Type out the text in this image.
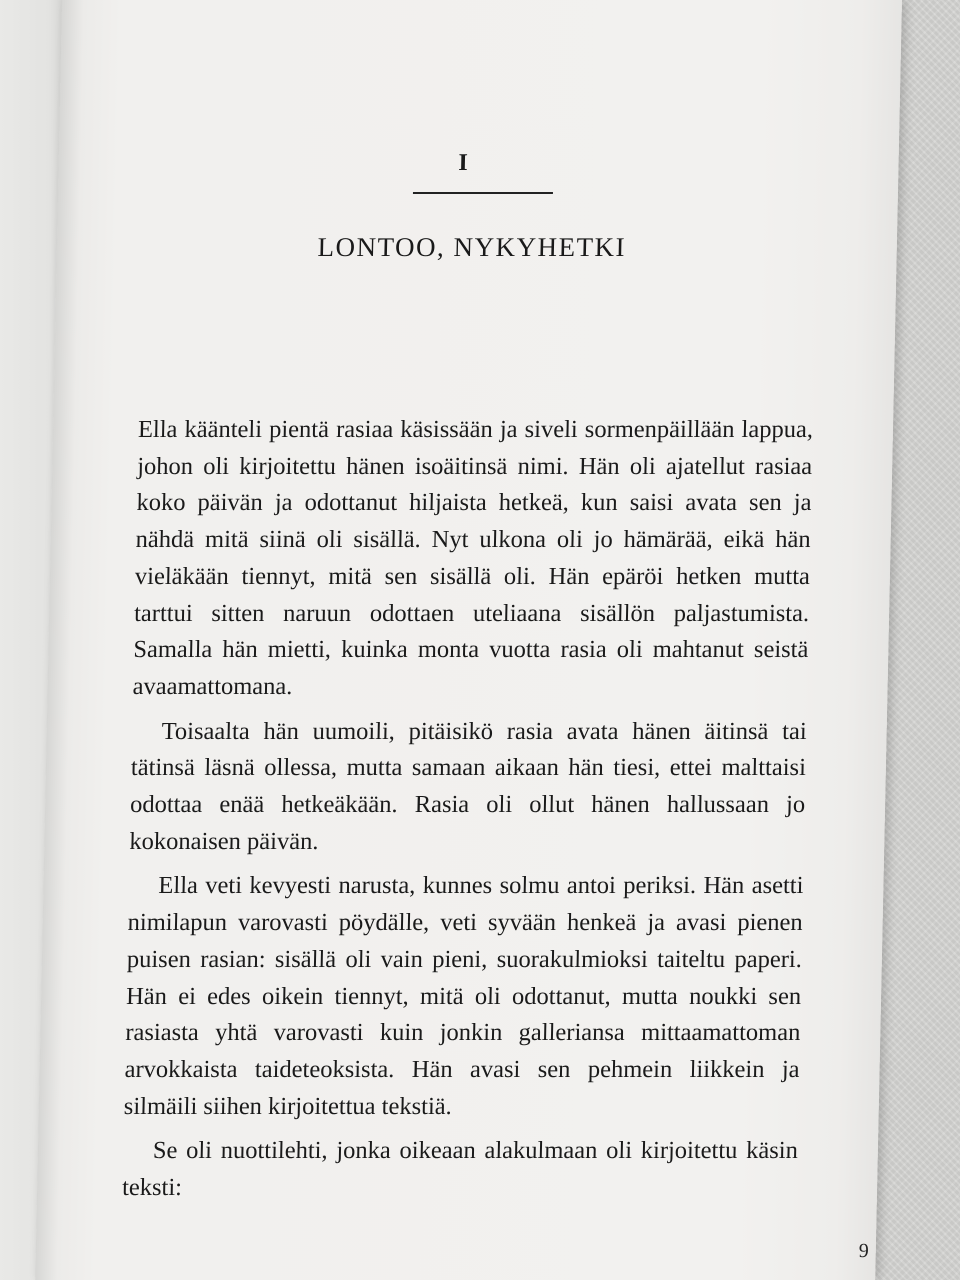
I
LONTOO, NYKYHETKI

Ella käänteli pientä rasiaa käsissään ja siveli sormenpäillään lappua, johon oli kirjoitettu hänen isoäitinsä nimi. Hän oli ajatellut rasiaa koko päivän ja odottanut hiljaista hetkeä, kun saisi avata sen ja nähdä mitä siinä oli sisällä. Nyt ulkona oli jo hämärää, eikä hän vieläkään tiennyt, mitä sen sisällä oli. Hän epäröi hetken mutta tarttui sitten naruun odottaen uteliaana sisällön paljastumista. Samalla hän mietti, kuinka monta vuotta rasia oli mahtanut seistä avaamattomana.

Toisaalta hän uumoili, pitäisikö rasia avata hänen äitinsä tai tätinsä läsnä ollessa, mutta samaan aikaan hän tiesi, ettei malttaisi odottaa enää hetkeäkään. Rasia oli ollut hänen hallussaan jo kokonaisen päivän.

Ella veti kevyesti narusta, kunnes solmu antoi periksi. Hän asetti nimilapun varovasti pöydälle, veti syvään henkeä ja avasi pienen puisen rasian: sisällä oli vain pieni, suorakulmioksi taiteltu paperi. Hän ei edes oikein tiennyt, mitä oli odottanut, mutta noukki sen rasiasta yhtä varovasti kuin jonkin galleriansa mittaamattoman arvokkaista taideteoksista. Hän avasi sen pehmein liikkein ja silmäili siihen kirjoitettua tekstiä.

Se oli nuottilehti, jonka oikeaan alakulmaan oli kirjoitettu käsin teksti:

9
